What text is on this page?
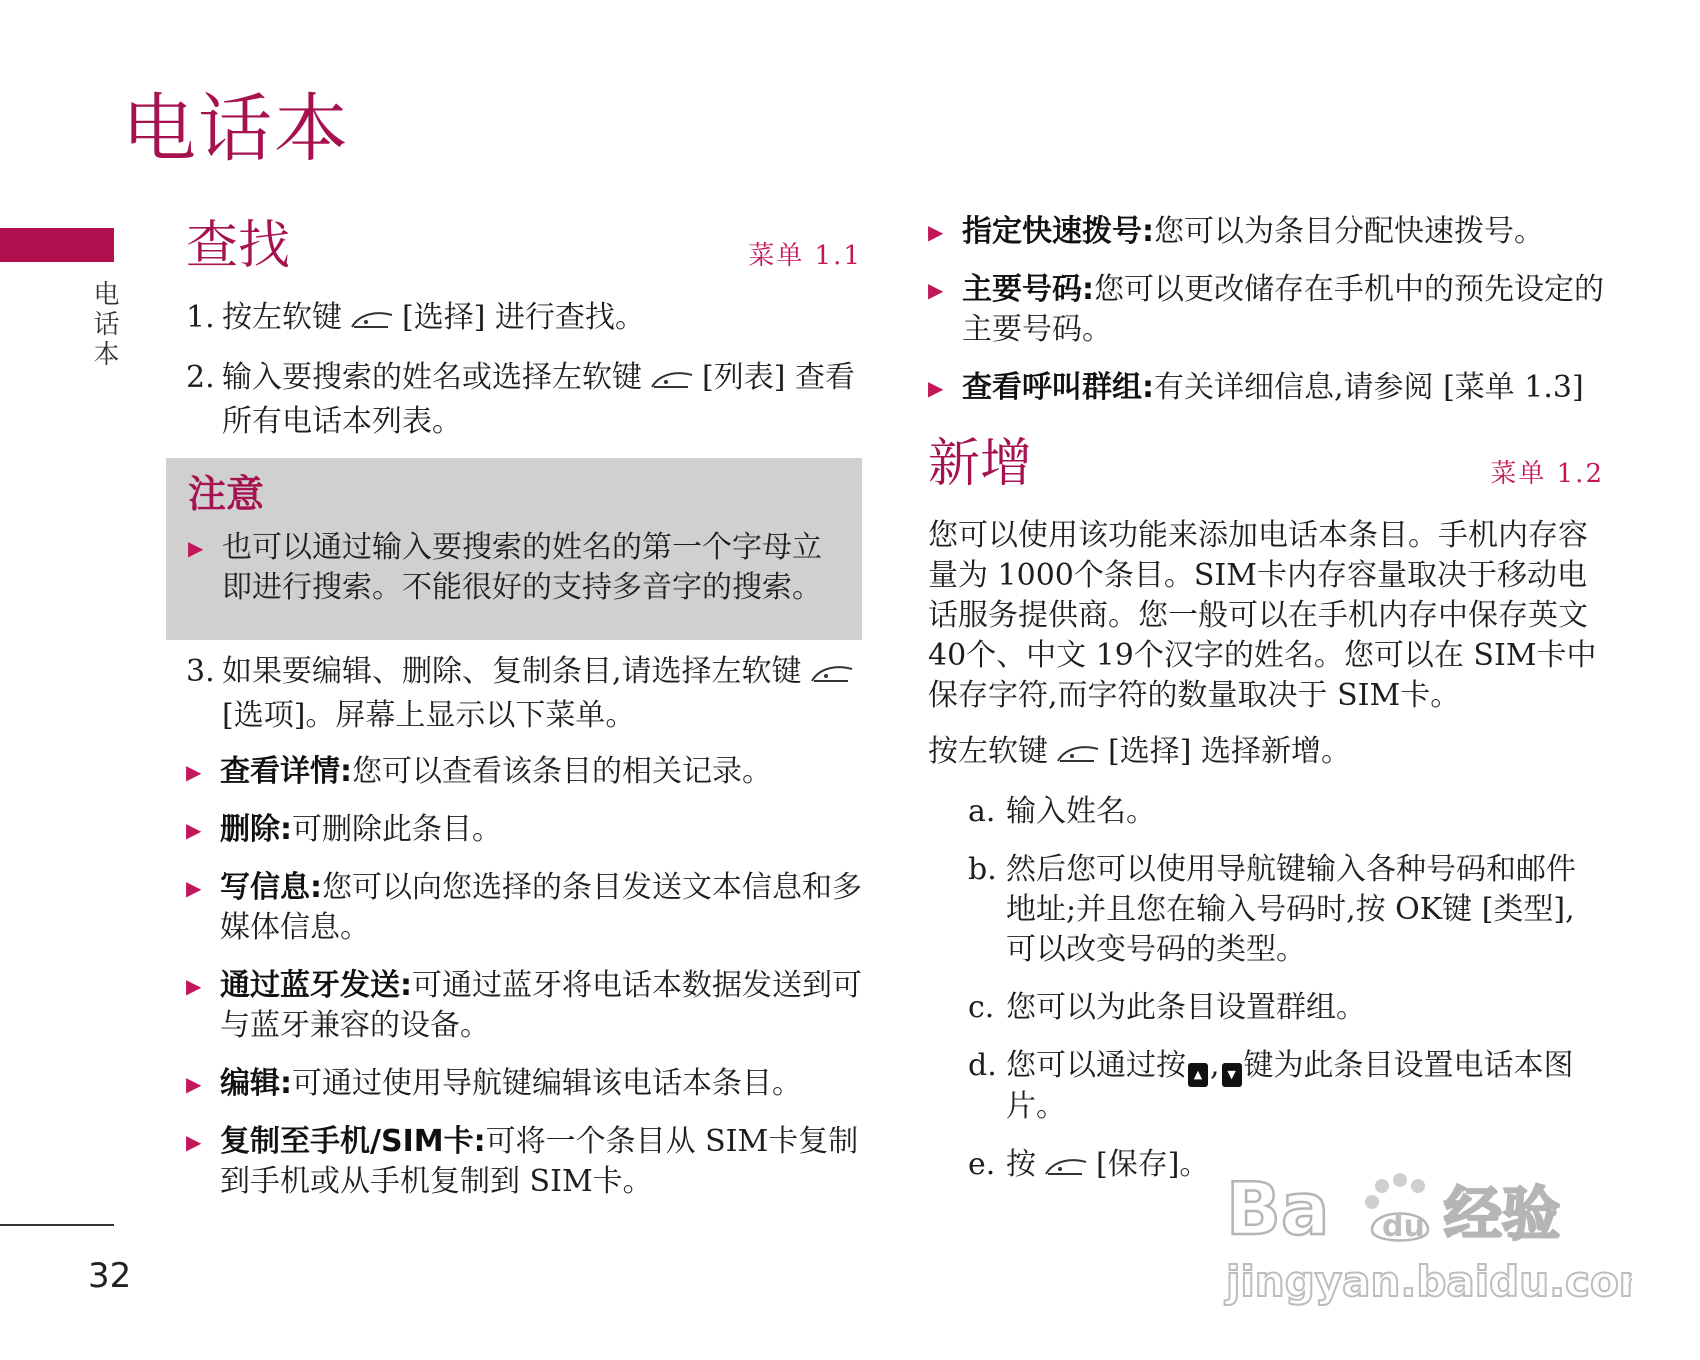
电话本
电话本
32
查找	菜单 1.1
1. 按左软键 [选择] 进行查找。
2. 输入要搜索的姓名或选择左软键 [列表] 查看所有电话本列表。
注意
▶ 也可以通过输入要搜索的姓名的第一个字母立即进行搜索。不能很好的支持多音字的搜索。
3. 如果要编辑、删除、复制条目,请选择左软键[选项]。屏幕上显示以下菜单。
▶ 查看详情:您可以查看该条目的相关记录。
▶ 删除:可删除此条目。
▶ 写信息:您可以向您选择的条目发送文本信息和多媒体信息。
▶ 通过蓝牙发送:可通过蓝牙将电话本数据发送到可与蓝牙兼容的设备。
▶ 编辑:可通过使用导航键编辑该电话本条目。
▶ 复制至手机/SIM卡:可将一个条目从 SIM卡复制到手机或从手机复制到 SIM卡。
▶ 指定快速拨号:您可以为条目分配快速拨号。
▶ 主要号码:您可以更改储存在手机中的预先设定的主要号码。
▶ 查看呼叫群组:有关详细信息,请参阅 [菜单 1.3]
新增	菜单 1.2

您可以使用该功能来添加电话本条目。手机内存容量为 1000个条目。SIM卡内存容量取决于移动电话服务提供商。您一般可以在手机内存中保存英文 40个、中文 19个汉字的姓名。您可以在 SIM卡中保存字符,而字符的数量取决于 SIM卡。

按左软键 [选择] 选择新增。

a. 输入姓名。
b. 然后您可以使用导航键输入各种号码和邮件地址;并且您在输入号码时,按 OK键 [类型],可以改变号码的类型。
c. 您可以为此条目设置群组。
d. 您可以通过按 ▲ , ▼ 键为此条目设置电话本图片。
e. 按 [保存]。
Ba du 经验
jingyan.baidu.com
